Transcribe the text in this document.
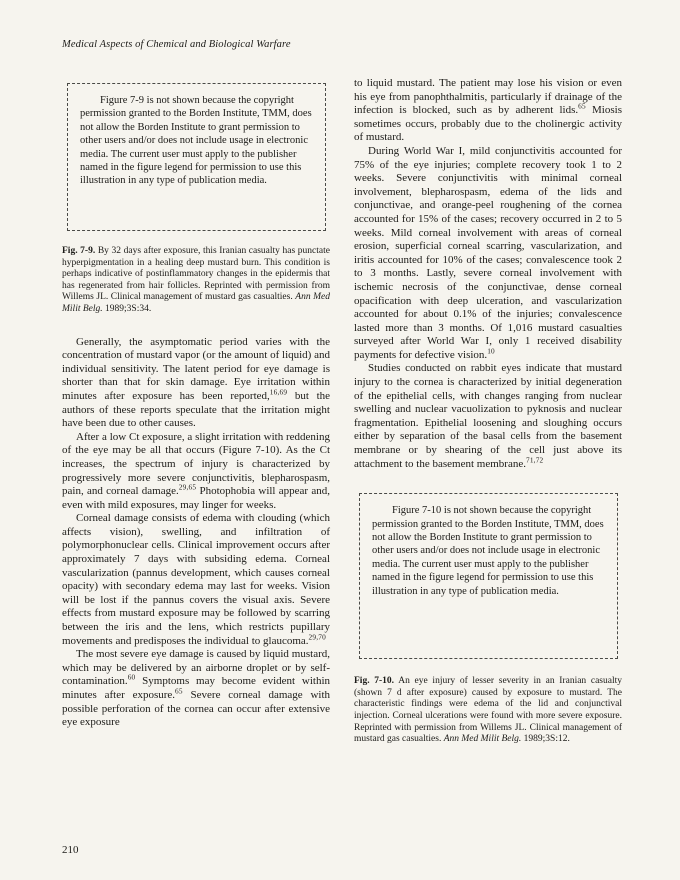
Medical Aspects of Chemical and Biological Warfare

Figure 7-9 is not shown because the copyright permission granted to the Borden Institute, TMM, does not allow the Borden Institute to grant permission to other users and/or does not include usage in electronic media. The current user must apply to the publisher named in the figure legend for permission to use this illustration in any type of publication media.

Fig. 7-9. By 32 days after exposure, this Iranian casualty has punctate hyperpigmentation in a healing deep mustard burn. This condition is perhaps indicative of postinflammatory changes in the epidermis that has regenerated from hair follicles. Reprinted with permission from Willems JL. Clinical management of mustard gas casualties. Ann Med Milit Belg. 1989;3S:34.

Generally, the asymptomatic period varies with the concentration of mustard vapor (or the amount of liquid) and individual sensitivity. The latent period for eye damage is shorter than that for skin damage. Eye irritation within minutes after exposure has been reported,$^{16,69}$ but the authors of these reports speculate that the irritation might have been due to other causes.

After a low Ct exposure, a slight irritation with reddening of the eye may be all that occurs (Figure 7-10). As the Ct increases, the spectrum of injury is characterized by progressively more severe conjunctivitis, blepharospasm, pain, and corneal damage.$^{29,65}$ Photophobia will appear and, even with mild exposures, may linger for weeks.

Corneal damage consists of edema with clouding (which affects vision), swelling, and infiltration of polymorphonuclear cells. Clinical improvement occurs after approximately 7 days with subsiding edema. Corneal vascularization (pannus development, which causes corneal opacity) with secondary edema may last for weeks. Vision will be lost if the pannus covers the visual axis. Severe effects from mustard exposure may be followed by scarring between the iris and the lens, which restricts pupillary movements and predisposes the individual to glaucoma.$^{29,70}$

The most severe eye damage is caused by liquid mustard, which may be delivered by an airborne droplet or by self-contamination.$^{60}$ Symptoms may become evident within minutes after exposure.$^{65}$ Severe corneal damage with possible perforation of the cornea can occur after extensive eye exposure

to liquid mustard. The patient may lose his vision or even his eye from panophthalmitis, particularly if drainage of the infection is blocked, such as by adherent lids.$^{65}$ Miosis sometimes occurs, probably due to the cholinergic activity of mustard.

During World War I, mild conjunctivitis accounted for 75% of the eye injuries; complete recovery took 1 to 2 weeks. Severe conjunctivitis with minimal corneal involvement, blepharospasm, edema of the lids and conjunctivae, and orange-peel roughening of the cornea accounted for 15% of the cases; recovery occurred in 2 to 5 weeks. Mild corneal involvement with areas of corneal erosion, superficial corneal scarring, vascularization, and iritis accounted for 10% of the cases; convalescence took 2 to 3 months. Lastly, severe corneal involvement with ischemic necrosis of the conjunctivae, dense corneal opacification with deep ulceration, and vascularization accounted for about 0.1% of the injuries; convalescence lasted more than 3 months. Of 1,016 mustard casualties surveyed after World War I, only 1 received disability payments for defective vision.$^{10}$

Studies conducted on rabbit eyes indicate that mustard injury to the cornea is characterized by initial degeneration of the epithelial cells, with changes ranging from nuclear swelling and nuclear vacuolization to pyknosis and nuclear fragmentation. Epithelial loosening and sloughing occurs either by separation of the basal cells from the basement membrane or by shearing of the cell just above its attachment to the basement membrane.$^{71,72}$

Figure 7-10 is not shown because the copyright permission granted to the Borden Institute, TMM, does not allow the Borden Institute to grant permission to other users and/or does not include usage in electronic media. The current user must apply to the publisher named in the figure legend for permission to use this illustration in any type of publication media.

Fig. 7-10. An eye injury of lesser severity in an Iranian casualty (shown 7 d after exposure) caused by exposure to mustard. The characteristic findings were edema of the lid and conjunctival injection. Corneal ulcerations were found with more severe exposure. Reprinted with permission from Willems JL. Clinical management of mustard gas casualties. Ann Med Milit Belg. 1989;3S:12.

210
